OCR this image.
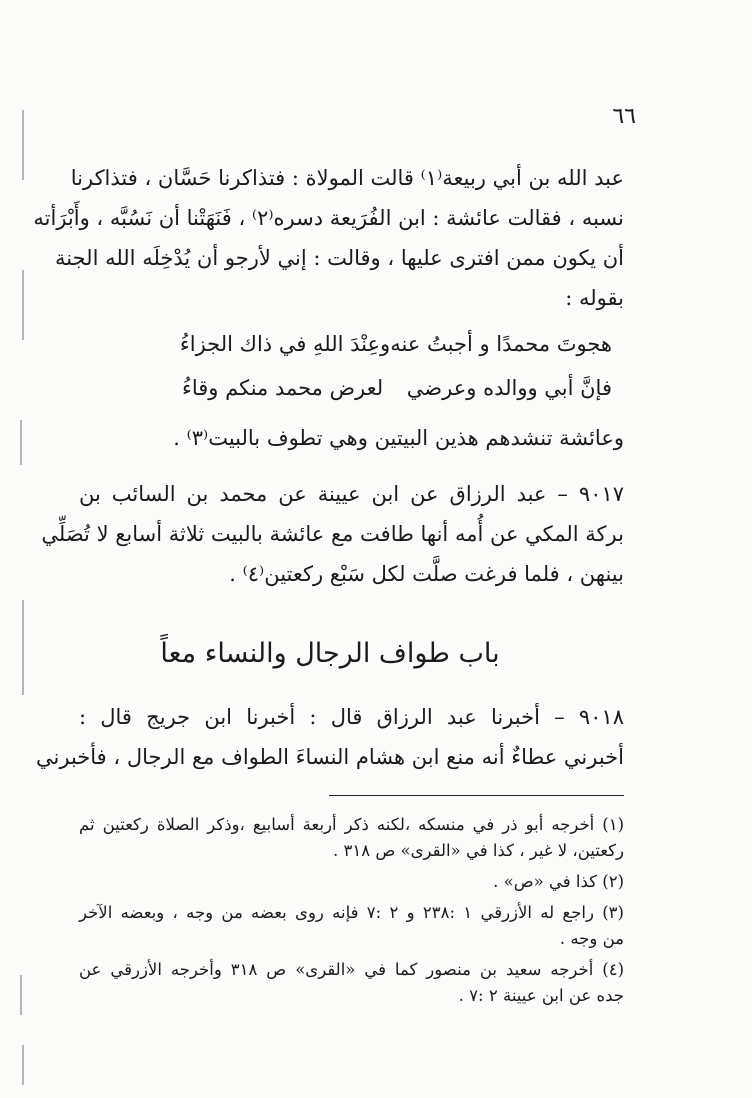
٦٦
عبد الله بن أبي ربيعة⁽١⁾ قالت المولاة : فتذاكرنا حَسَّان ، فتذاكرنا
نسبه ، فقالت عائشة : ابن الفُرَيعة دسره⁽٢⁾ ، فَنَهَتْنا أن نَسُبَّه ، وأَبْرَأته
أن يكون ممن افترى عليها ، وقالت : إني لأرجو أن يُدْخِلَه الله الجنة
بقوله :
هجوتَ محمدًا و أجبتُ عنه
وعِنْدَ اللهِ في ذاك الجزاءُ
فإنَّ أبي ووالده وعرضي
لعرض محمد منكم وقاءُ
وعائشة تنشدهم هذين البيتين وهي تطوف بالبيت⁽٣⁾ .
٩٠١٧ – عبد الرزاق عن ابن عيينة عن محمد بن السائب بن
بركة المكي عن أُمه أنها طافت مع عائشة بالبيت ثلاثة أسابع لا تُصَلِّي
بينهن ، فلما فرغت صلَّت لكل سَبْع ركعتين⁽٤⁾ .
باب طواف الرجال والنساء معاً
٩٠١٨ – أخبرنا عبد الرزاق قال : أخبرنا ابن جريج قال :
أخبرني عطاءٌ أنه منع ابن هشام النساءَ الطواف مع الرجال ، فأخبرني
(١) أخرجه أبو ذر في منسكه ،لكنه ذكر أربعة أسابيع ،وذكر الصلاة ركعتين ثم
ركعتين، لا غير ، كذا في «القرى» ص ٣١٨ .
(٢) كذا في «ص» .
(٣) راجع له الأزرقي ١ :٢٣٨ و ٢ :٧ فإنه روى بعضه من وجه ، وبعضه الآخر
من وجه .
(٤) أخرجه سعيد بن منصور كما في «القرى» ص ٣١٨ وأخرجه الأزرقي عن
جده عن ابن عيينة ٢ :٧ .
